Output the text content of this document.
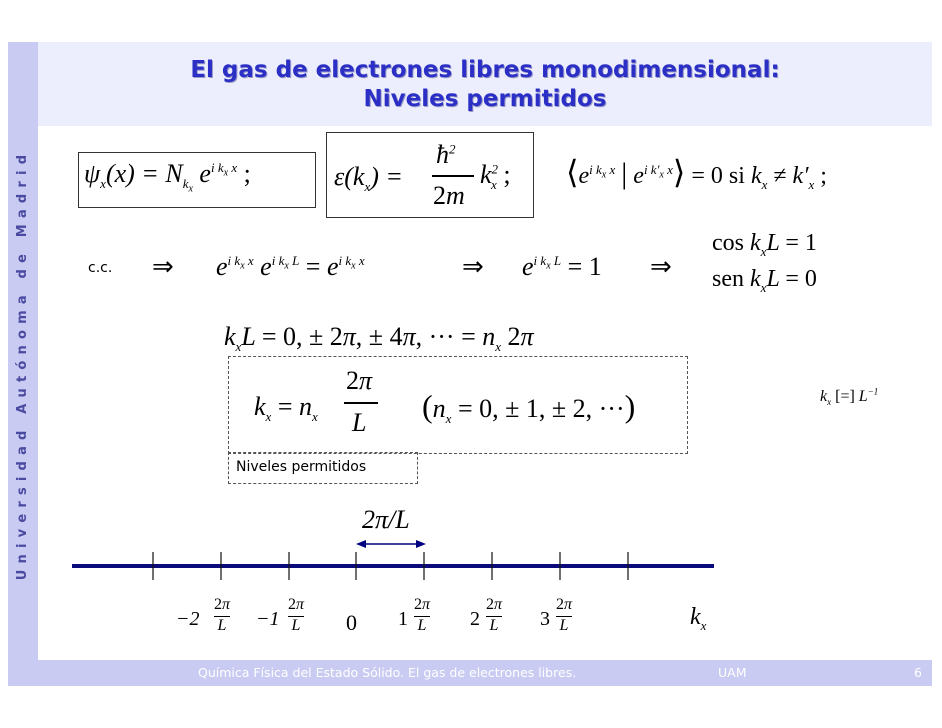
Universidad Autónoma de Madrid
El gas de electrones libres monodimensional:
Niveles permitidos
$\psi_x(x) = N_{k_x}$ $e^{i k_x x}$ ;	$\varepsilon(k_x)$ =
$ħ^2$
2m
$k^2_x$ ; $⟨e^{i k_x x}$ | $e^{i k'_x x}⟩ = 0$ si $k_x \ne k'_x$ ;
c.c. ⇒ $e^{i k_x x}$ $e^{i k_x L} = e^{i k_x x}$	⇒ $e^{i k_x L} = 1$ ⇒
$\cos k_xL = 1$
sen $k_xL = 0$
$k_xL = 0$, ± 2π, ± 4π, ··· = $n_x$ 2π
$k_x = n_x$
2π
L ($n_x = 0$, ± 1, ± 2, ···)
Niveles permitidos
$k_x$ [=] $L^{-1}$
2π/L
−2
2π

L −1
2π

L 0 1
2π

L 2
2π

L 3
2π

L	$k_x$
Química Física del Estado Sólido. El gas de electrones libres.	UAM	6
